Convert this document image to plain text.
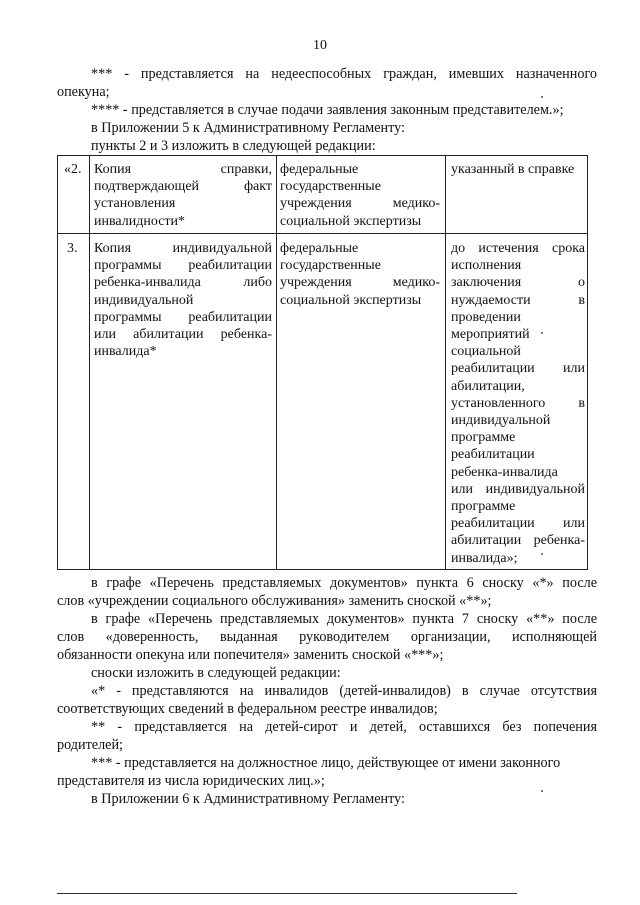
10
*** - представляется на недееспособных граждан, имевших назначенного
опекуна;
**** - представляется в случае подачи заявления законным представителем.»;
в Приложении 5 к Административному Регламенту:
пункты 2 и 3 изложить в следующей редакции:
«2. Копия справки,
подтверждающей факт
установления
инвалидности*
федеральные
государственные
учреждения медико-
социальной экспертизы
указанный в справке
3. Копия индивидуальной
программы реабилитации
ребенка-инвалида либо
индивидуальной
программы реабилитации
или абилитации ребенка-
инвалида*
федеральные
государственные
учреждения медико-
социальной экспертизы
до истечения срока
исполнения
заключения о
нуждаемости в
проведении
мероприятий
социальной
реабилитации или
абилитации,
установленного в
индивидуальной
программе
реабилитации
ребенка-инвалида
или индивидуальной
программе
реабилитации или
абилитации ребенка-
инвалида»;
в графе «Перечень представляемых документов» пункта 6 сноску «*» после
слов «учреждении социального обслуживания» заменить сноской «**»;
в графе «Перечень представляемых документов» пункта 7 сноску «**» после
слов «доверенность, выданная руководителем организации, исполняющей
обязанности опекуна или попечителя» заменить сноской «***»;
сноски изложить в следующей редакции:
«* - представляются на инвалидов (детей-инвалидов) в случае отсутствия
соответствующих сведений в федеральном реестре инвалидов;
** - представляется на детей-сирот и детей, оставшихся без попечения
родителей;
*** - представляется на должностное лицо, действующее от имени законного
представителя из числа юридических лиц.»;
в Приложении 6 к Административному Регламенту:
